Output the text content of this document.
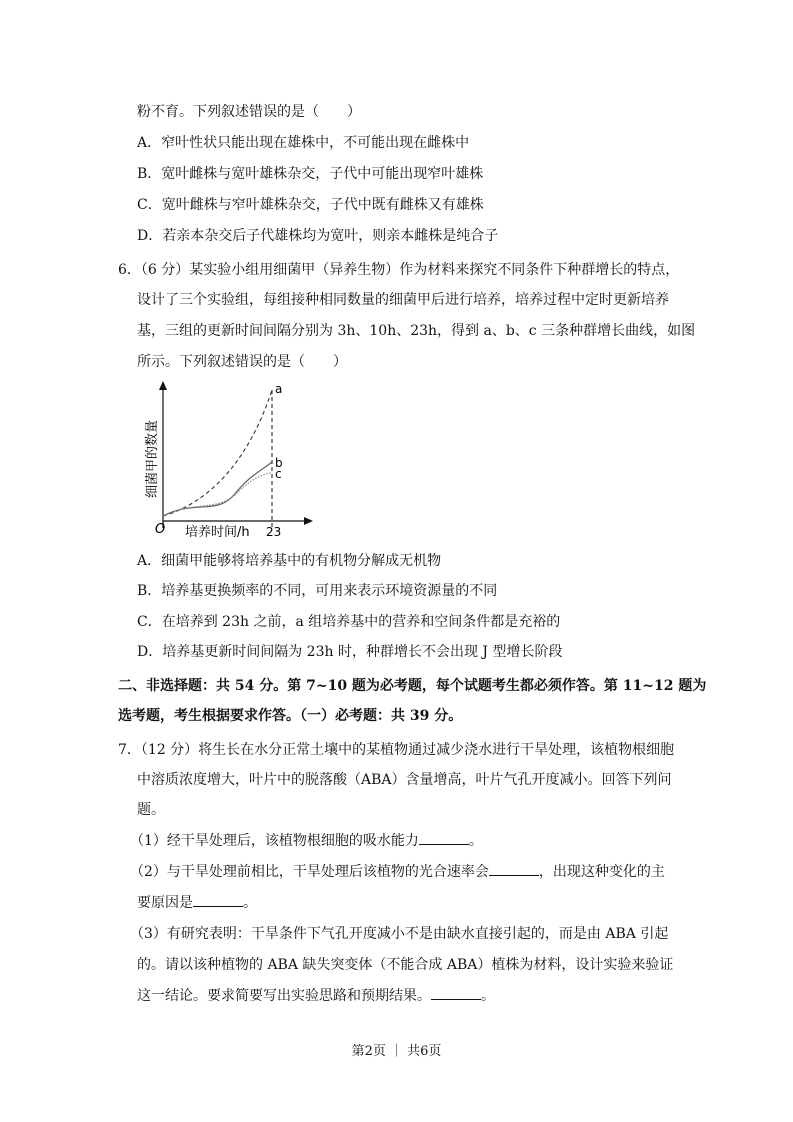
粉不育。下列叙述错误的是（　　）
A．窄叶性状只能出现在雄株中，不可能出现在雌株中
B．宽叶雌株与宽叶雄株杂交，子代中可能出现窄叶雄株
C．宽叶雌株与窄叶雄株杂交，子代中既有雌株又有雄株
D．若亲本杂交后子代雄株均为宽叶，则亲本雌株是纯合子
6．（6 分）某实验小组用细菌甲（异养生物）作为材料来探究不同条件下种群增长的特点，
设计了三个实验组，每组接种相同数量的细菌甲后进行培养，培养过程中定时更新培养
基，三组的更新时间间隔分别为 3h、10h、23h，得到 a、b、c 三条种群增长曲线，如图
所示。下列叙述错误的是（　　）
a
b
c
O 培养时间/h 23
细菌甲的数量
A．细菌甲能够将培养基中的有机物分解成无机物
B．培养基更换频率的不同，可用来表示环境资源量的不同
C．在培养到 23h 之前，a 组培养基中的营养和空间条件都是充裕的
D．培养基更新时间间隔为 23h 时，种群增长不会出现 J 型增长阶段
二、非选择题：共 54 分。第 7~10 题为必考题，每个试题考生都必须作答。第 11~12 题为
选考题，考生根据要求作答。（一）必考题：共 39 分。
7．（12 分）将生长在水分正常土壤中的某植物通过减少浇水进行干旱处理，该植物根细胞
中溶质浓度增大，叶片中的脱落酸（ABA）含量增高，叶片气孔开度减小。回答下列问
题。
（1）经干旱处理后，该植物根细胞的吸水能力	。
（2）与干旱处理前相比，干旱处理后该植物的光合速率会	，出现这种变化的主
要原因是	。
（3）有研究表明：干旱条件下气孔开度减小不是由缺水直接引起的，而是由 ABA 引起
的。请以该种植物的 ABA 缺失突变体（不能合成 ABA）植株为材料，设计实验来验证
这一结论。要求简要写出实验思路和预期结果。	。
第2页 ｜ 共6页
